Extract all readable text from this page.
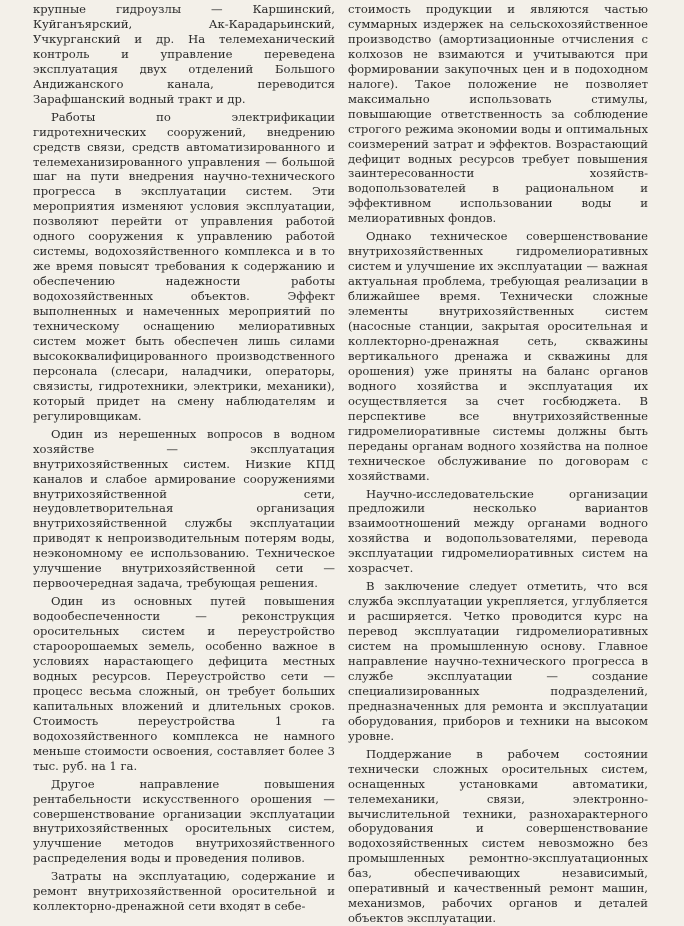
крупные гидроузлы — Каршинский, Куйганъярский, Ак-Карадарьинский, Учкурганский и др. На телемеханический контроль и управление переведена эксплуатация двух отделений Большого Андижанского канала, переводится Зарафшанский водный тракт и др.

Работы по электрификации гидротехнических сооружений, внедрению средств связи, средств автоматизированного и телемеханизированного управления — большой шаг на пути внедрения научно-технического прогресса в эксплуатации систем. Эти мероприятия изменяют условия эксплуатации, позволяют перейти от управления работой одного сооружения к управлению работой системы, водохозяйственного комплекса и в то же время повысят требования к содержанию и обеспечению надежности работы водохозяйственных объектов. Эффект выполненных и намеченных мероприятий по техническому оснащению мелиоративных систем может быть обеспечен лишь силами высококвалифицированного производственного персонала (слесари, наладчики, операторы, связисты, гидротехники, электрики, механики), который придет на смену наблюдателям и регулировщикам.

Один из нерешенных вопросов в водном хозяйстве — эксплуатация внутрихозяйственных систем. Низкие КПД каналов и слабое армирование сооружениями внутрихозяйственной сети, неудовлетворительная организация внутрихозяйственной службы эксплуатации приводят к непроизводительным потерям воды, неэкономному ее использованию. Техническое улучшение внутрихозяйственной сети — первоочередная задача, требующая решения.

Один из основных путей повышения водообеспеченности — реконструкция оросительных систем и переустройство староорошаемых земель, особенно важное в условиях нарастающего дефицита местных водных ресурсов. Переустройство сети — процесс весьма сложный, он требует больших капитальных вложений и длительных сроков. Стоимость переустройства 1 га водохозяйственного комплекса не намного меньше стоимости освоения, составляет более 3 тыс. руб. на 1 га.

Другое направление повышения рентабельности искусственного орошения — совершенствование организации эксплуатации внутрихозяйственных оросительных систем, улучшение методов внутрихозяйственного распределения воды и проведения поливов.

Затраты на эксплуатацию, содержание и ремонт внутрихозяйственной оросительной и коллекторно-дренажной сети входят в себе-

стоимость продукции и являются частью суммарных издержек на сельскохозяйственное производство (амортизационные отчисления с колхозов не взимаются и учитываются при формировании закупочных цен и в подоходном налоге). Такое положение не позволяет максимально использовать стимулы, повышающие ответственность за соблюдение строгого режима экономии воды и оптимальных соизмерений затрат и эффектов. Возрастающий дефицит водных ресурсов требует повышения заинтересованности хозяйств-водопользователей в рациональном и эффективном использовании воды и мелиоративных фондов.

Однако техническое совершенствование внутрихозяйственных гидромелиоративных систем и улучшение их эксплуатации — важная актуальная проблема, требующая реализации в ближайшее время. Технически сложные элементы внутрихозяйственных систем (насосные станции, закрытая оросительная и коллекторно-дренажная сеть, скважины вертикального дренажа и скважины для орошения) уже приняты на баланс органов водного хозяйства и эксплуатация их осуществляется за счет госбюджета. В перспективе все внутрихозяйственные гидромелиоративные системы должны быть переданы органам водного хозяйства на полное техническое обслуживание по договорам с хозяйствами.

Научно-исследовательские организации предложили несколько вариантов взаимоотношений между органами водного хозяйства и водопользователями, перевода эксплуатации гидромелиоративных систем на хозрасчет.

В заключение следует отметить, что вся служба эксплуатации укрепляется, углубляется и расширяется. Четко проводится курс на перевод эксплуатации гидромелиоративных систем на промышленную основу. Главное направление научно-технического прогресса в службе эксплуатации — создание специализированных подразделений, предназначенных для ремонта и эксплуатации оборудования, приборов и техники на высоком уровне.

Поддержание в рабочем состоянии технически сложных оросительных систем, оснащенных установками автоматики, телемеханики, связи, электронно-вычислительной техники, разнохарактерного оборудования и совершенствование водохозяйственных систем невозможно без промышленных ремонтно-эксплуатационных баз, обеспечивающих независимый, оперативный и качественный ремонт машин, механизмов, рабочих органов и деталей объектов эксплуатации.
